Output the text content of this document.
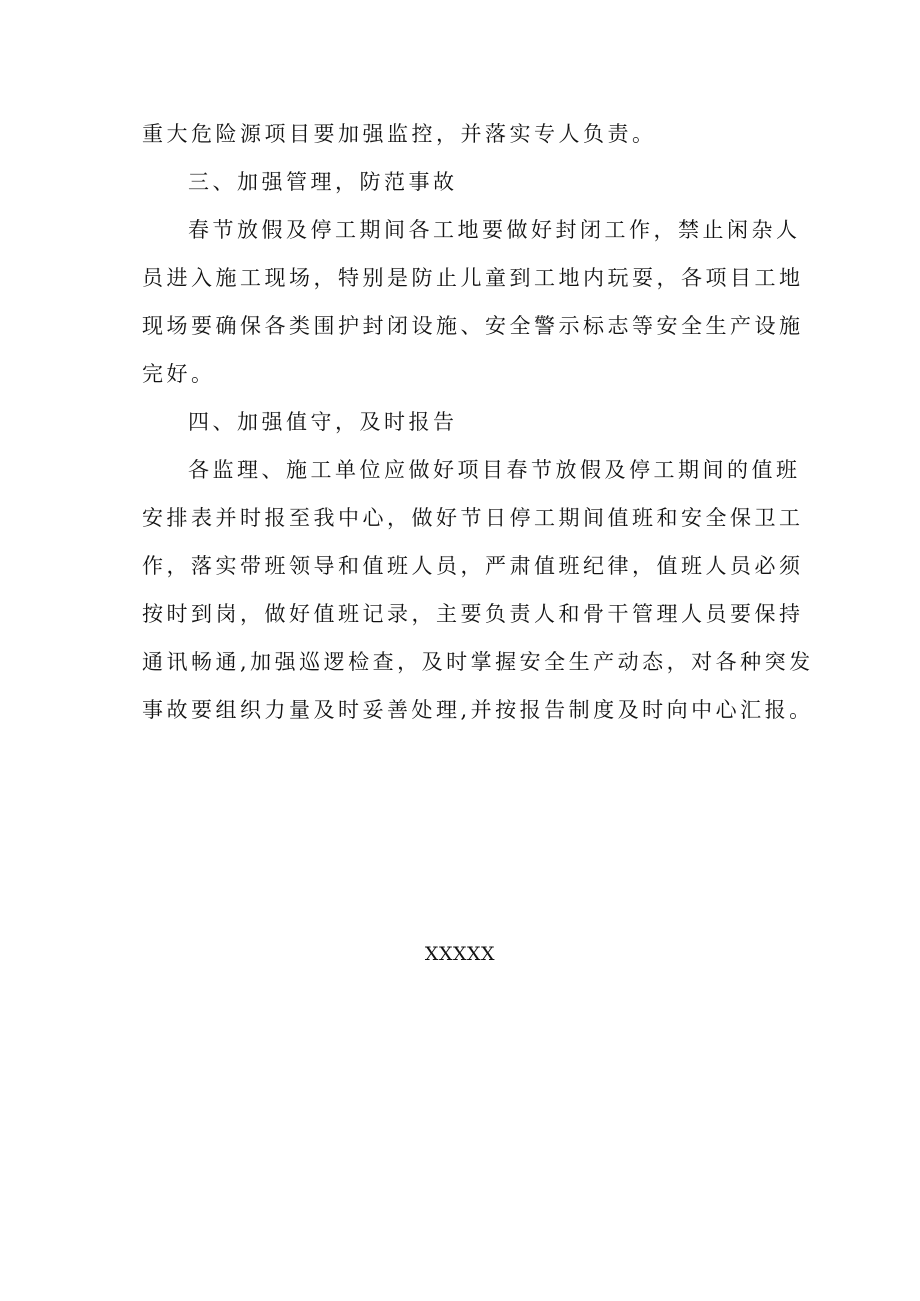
重大危险源项目要加强监控，并落实专人负责。
三、加强管理，防范事故
春节放假及停工期间各工地要做好封闭工作，禁止闲杂人
员进入施工现场，特别是防止儿童到工地内玩耍，各项目工地
现场要确保各类围护封闭设施、安全警示标志等安全生产设施
完好。
四、加强值守，及时报告
各监理、施工单位应做好项目春节放假及停工期间的值班
安排表并时报至我中心，做好节日停工期间值班和安全保卫工
作，落实带班领导和值班人员，严肃值班纪律，值班人员必须
按时到岗，做好值班记录，主要负责人和骨干管理人员要保持
通讯畅通,加强巡逻检查，及时掌握安全生产动态，对各种突发
事故要组织力量及时妥善处理,并按报告制度及时向中心汇报。
XXXXX
